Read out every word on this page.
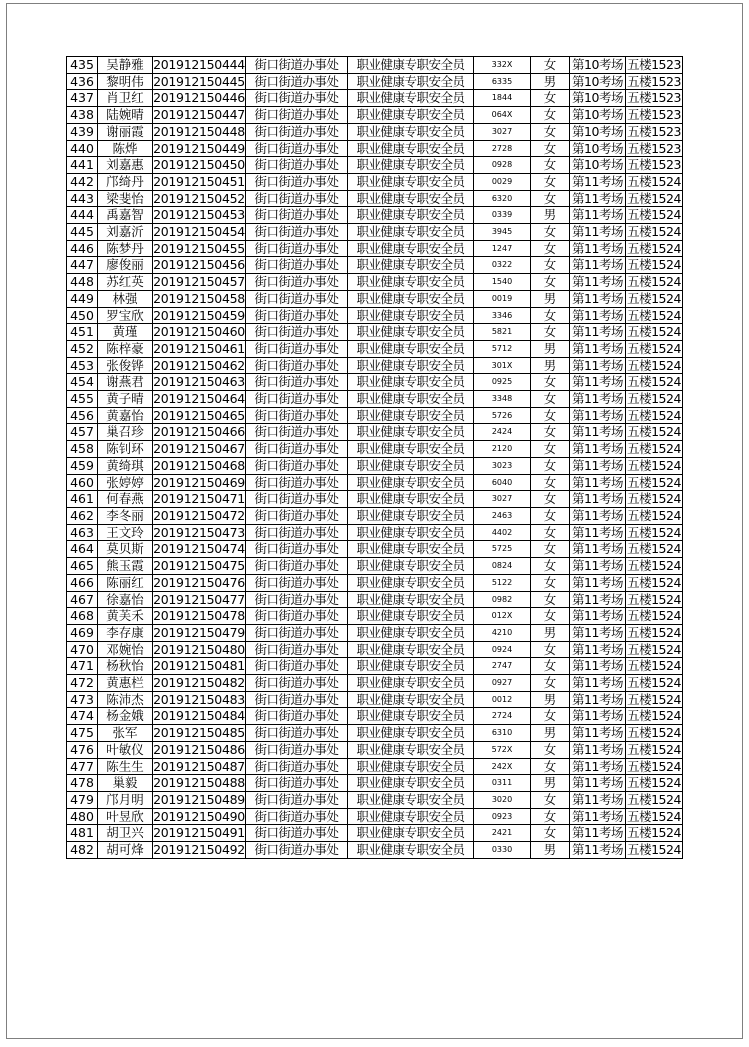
435	吴静雅	201912150444	街口街道办事处	职业健康专职安全员	332X	女	第10考场	五楼1523
436	黎明伟	201912150445	街口街道办事处	职业健康专职安全员	6335	男	第10考场	五楼1523
437	肖卫红	201912150446	街口街道办事处	职业健康专职安全员	1844	女	第10考场	五楼1523
438	陆婉晴	201912150447	街口街道办事处	职业健康专职安全员	064X	女	第10考场	五楼1523
439	谢丽霞	201912150448	街口街道办事处	职业健康专职安全员	3027	女	第10考场	五楼1523
440	陈烨	201912150449	街口街道办事处	职业健康专职安全员	2728	女	第10考场	五楼1523
441	刘嘉惠	201912150450	街口街道办事处	职业健康专职安全员	0928	女	第10考场	五楼1523
442	邝绮丹	201912150451	街口街道办事处	职业健康专职安全员	0029	女	第11考场	五楼1524
443	梁斐怡	201912150452	街口街道办事处	职业健康专职安全员	6320	女	第11考场	五楼1524
444	禹嘉智	201912150453	街口街道办事处	职业健康专职安全员	0339	男	第11考场	五楼1524
445	刘嘉沂	201912150454	街口街道办事处	职业健康专职安全员	3945	女	第11考场	五楼1524
446	陈梦丹	201912150455	街口街道办事处	职业健康专职安全员	1247	女	第11考场	五楼1524
447	廖俊丽	201912150456	街口街道办事处	职业健康专职安全员	0322	女	第11考场	五楼1524
448	苏红英	201912150457	街口街道办事处	职业健康专职安全员	1540	女	第11考场	五楼1524
449	林强	201912150458	街口街道办事处	职业健康专职安全员	0019	男	第11考场	五楼1524
450	罗宝欣	201912150459	街口街道办事处	职业健康专职安全员	3346	女	第11考场	五楼1524
451	黄瑾	201912150460	街口街道办事处	职业健康专职安全员	5821	女	第11考场	五楼1524
452	陈梓豪	201912150461	街口街道办事处	职业健康专职安全员	5712	男	第11考场	五楼1524
453	张俊铧	201912150462	街口街道办事处	职业健康专职安全员	301X	男	第11考场	五楼1524
454	谢燕君	201912150463	街口街道办事处	职业健康专职安全员	0925	女	第11考场	五楼1524
455	黄子晴	201912150464	街口街道办事处	职业健康专职安全员	3348	女	第11考场	五楼1524
456	黄嘉怡	201912150465	街口街道办事处	职业健康专职安全员	5726	女	第11考场	五楼1524
457	巢召珍	201912150466	街口街道办事处	职业健康专职安全员	2424	女	第11考场	五楼1524
458	陈钊环	201912150467	街口街道办事处	职业健康专职安全员	2120	女	第11考场	五楼1524
459	黄绮琪	201912150468	街口街道办事处	职业健康专职安全员	3023	女	第11考场	五楼1524
460	张婷婷	201912150469	街口街道办事处	职业健康专职安全员	6040	女	第11考场	五楼1524
461	何春燕	201912150471	街口街道办事处	职业健康专职安全员	3027	女	第11考场	五楼1524
462	李冬丽	201912150472	街口街道办事处	职业健康专职安全员	2463	女	第11考场	五楼1524
463	王文玲	201912150473	街口街道办事处	职业健康专职安全员	4402	女	第11考场	五楼1524
464	莫贝斯	201912150474	街口街道办事处	职业健康专职安全员	5725	女	第11考场	五楼1524
465	熊玉霞	201912150475	街口街道办事处	职业健康专职安全员	0824	女	第11考场	五楼1524
466	陈丽红	201912150476	街口街道办事处	职业健康专职安全员	5122	女	第11考场	五楼1524
467	徐嘉怡	201912150477	街口街道办事处	职业健康专职安全员	0982	女	第11考场	五楼1524
468	黄芙禾	201912150478	街口街道办事处	职业健康专职安全员	012X	女	第11考场	五楼1524
469	李存康	201912150479	街口街道办事处	职业健康专职安全员	4210	男	第11考场	五楼1524
470	邓婉怡	201912150480	街口街道办事处	职业健康专职安全员	0924	女	第11考场	五楼1524
471	杨秋怡	201912150481	街口街道办事处	职业健康专职安全员	2747	女	第11考场	五楼1524
472	黄惠栏	201912150482	街口街道办事处	职业健康专职安全员	0927	女	第11考场	五楼1524
473	陈沛杰	201912150483	街口街道办事处	职业健康专职安全员	0012	男	第11考场	五楼1524
474	杨金娥	201912150484	街口街道办事处	职业健康专职安全员	2724	女	第11考场	五楼1524
475	张军	201912150485	街口街道办事处	职业健康专职安全员	6310	男	第11考场	五楼1524
476	叶敏仪	201912150486	街口街道办事处	职业健康专职安全员	572X	女	第11考场	五楼1524
477	陈生生	201912150487	街口街道办事处	职业健康专职安全员	242X	女	第11考场	五楼1524
478	巢毅	201912150488	街口街道办事处	职业健康专职安全员	0311	男	第11考场	五楼1524
479	邝月明	201912150489	街口街道办事处	职业健康专职安全员	3020	女	第11考场	五楼1524
480	叶昱欣	201912150490	街口街道办事处	职业健康专职安全员	0923	女	第11考场	五楼1524
481	胡卫兴	201912150491	街口街道办事处	职业健康专职安全员	2421	女	第11考场	五楼1524
482	胡可烽	201912150492	街口街道办事处	职业健康专职安全员	0330	男	第11考场	五楼1524
